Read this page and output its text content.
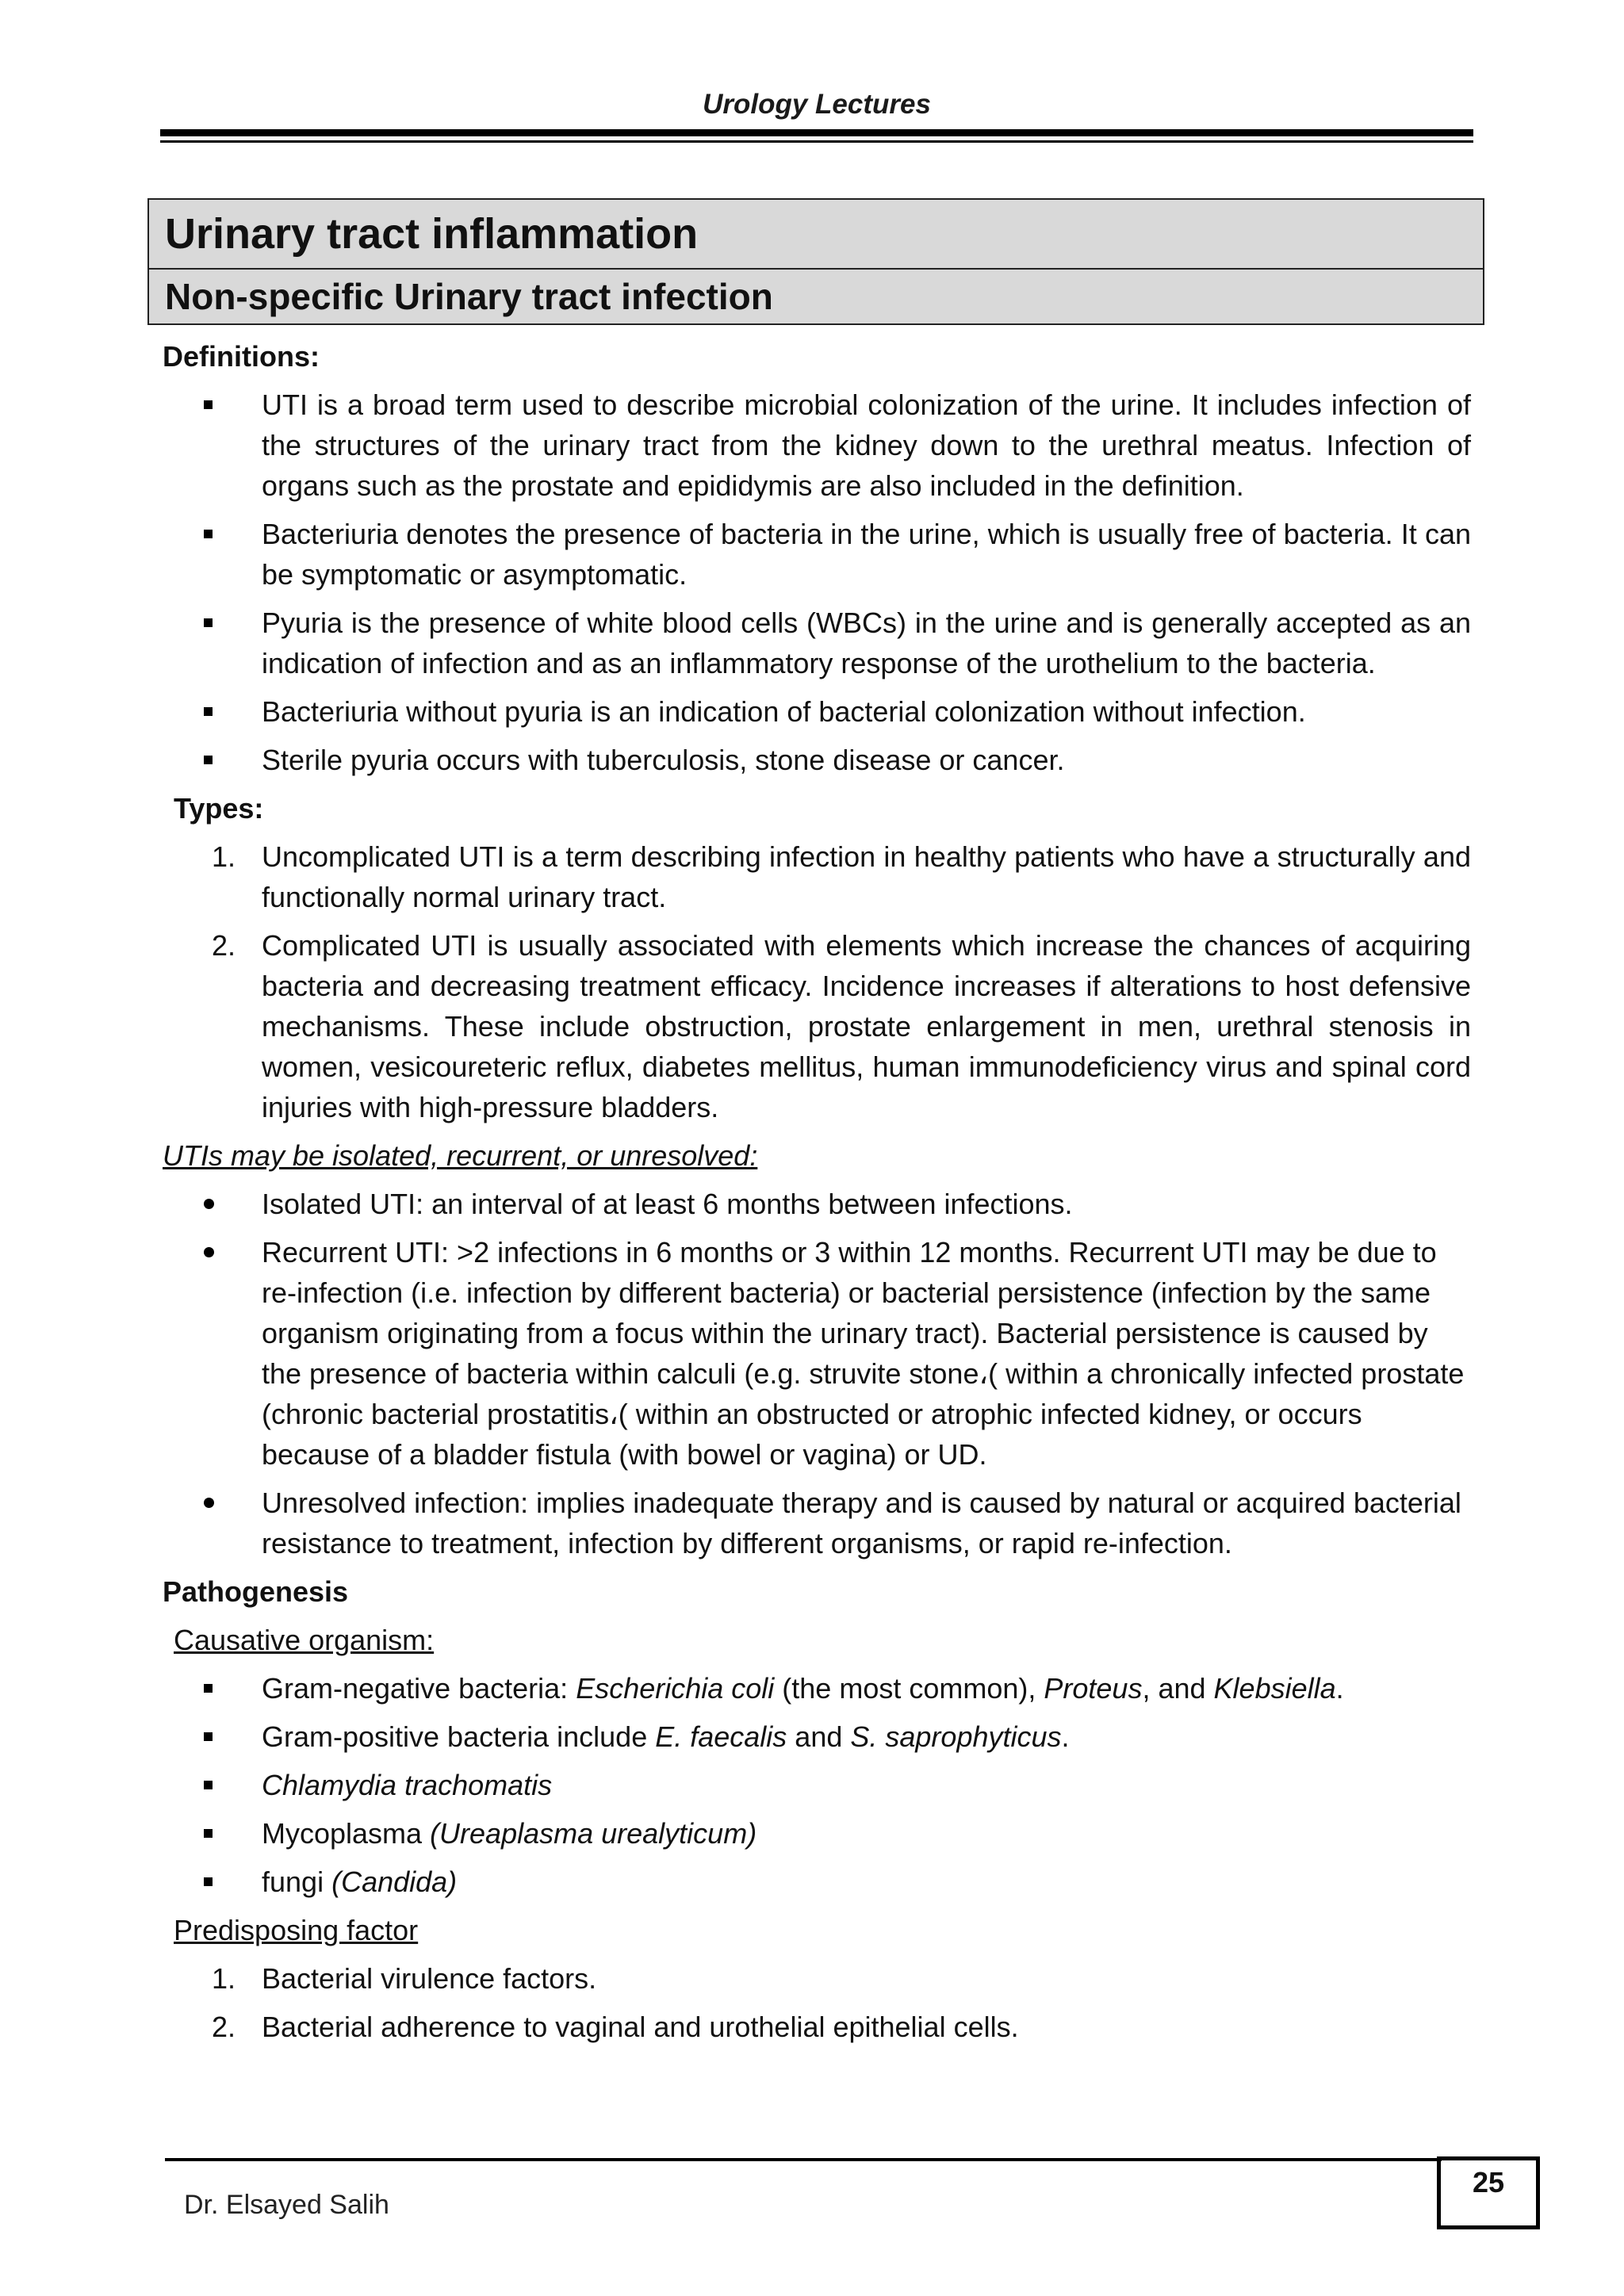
Urology Lectures
Urinary tract inflammation
Non-specific Urinary tract infection
Definitions:
UTI is a broad term used to describe microbial colonization of the urine. It includes infection of the structures of the urinary tract from the kidney down to the urethral meatus. Infection of organs such as the prostate and epididymis are also included in the definition.
Bacteriuria denotes the presence of bacteria in the urine, which is usually free of bacteria. It can be symptomatic or asymptomatic.
Pyuria is the presence of white blood cells (WBCs) in the urine and is generally accepted as an indication of infection and as an inflammatory response of the urothelium to the bacteria.
Bacteriuria without pyuria is an indication of bacterial colonization without infection.
Sterile pyuria occurs with tuberculosis, stone disease or cancer.
Types:
1. Uncomplicated UTI is a term describing infection in healthy patients who have a structurally and functionally normal urinary tract.
2. Complicated UTI is usually associated with elements which increase the chances of acquiring bacteria and decreasing treatment efficacy. Incidence increases if alterations to host defensive mechanisms. These include obstruction, prostate enlargement in men, urethral stenosis in women, vesicoureteric reflux, diabetes mellitus, human immunodeficiency virus and spinal cord injuries with high-pressure bladders.
UTIs may be isolated, recurrent, or unresolved:
Isolated UTI: an interval of at least 6 months between infections.
Recurrent UTI: >2 infections in 6 months or 3 within 12 months. Recurrent UTI may be due to re-infection (i.e. infection by different bacteria) or bacterial persistence (infection by the same organism originating from a focus within the urinary tract). Bacterial persistence is caused by the presence of bacteria within calculi (e.g. struvite stone،( within a chronically infected prostate (chronic bacterial prostatitis،( within an obstructed or atrophic infected kidney, or occurs because of a bladder fistula (with bowel or vagina) or UD.
Unresolved infection: implies inadequate therapy and is caused by natural or acquired bacterial resistance to treatment, infection by different organisms, or rapid re-infection.
Pathogenesis
Causative organism:
Gram-negative bacteria: Escherichia coli (the most common), Proteus, and Klebsiella.
Gram-positive bacteria include E. faecalis and S. saprophyticus.
Chlamydia trachomatis
Mycoplasma (Ureaplasma urealyticum)
fungi (Candida)
Predisposing factor
1. Bacterial virulence factors.
2. Bacterial adherence to vaginal and urothelial epithelial cells.
Dr. Elsayed Salih
25
